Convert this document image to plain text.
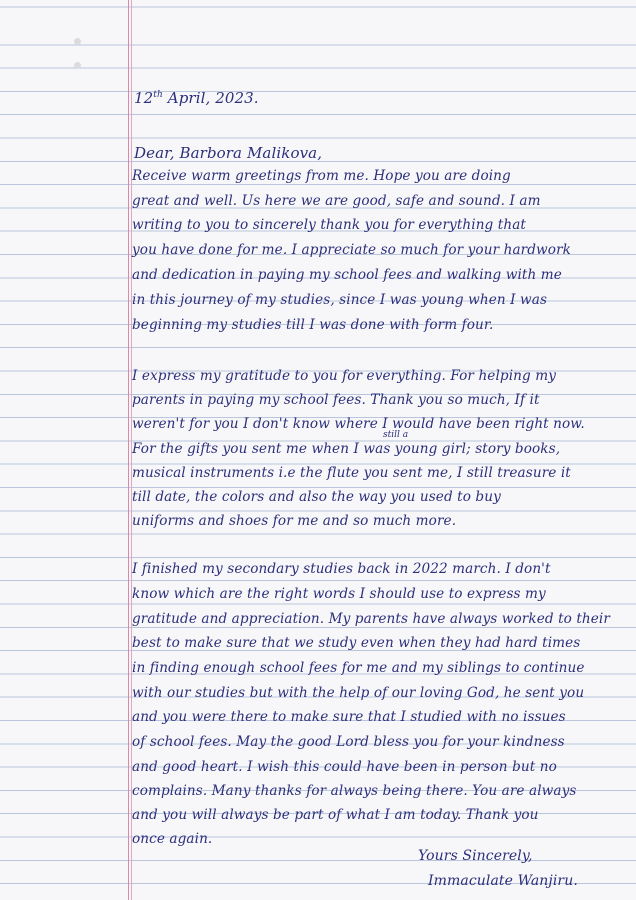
12th April, 2023.
Dear, Barbora Malikova,
Receive warm greetings from me. Hope you are doing
great and well. Us here we are good, safe and sound. I am
writing to you to sincerely thank you for everything that
you have done for me. I appreciate so much for your hardwork
and dedication in paying my school fees and walking with me
in this journey of my studies, since I was young when I was
beginning my studies till I was done with form four.
I express my gratitude to you for everything. For helping my
parents in paying my school fees. Thank you so much, If it
weren't for you I don't know where I would have been right now.
still a
For the gifts you sent me when I was young girl; story books,
musical instruments i.e the flute you sent me, I still treasure it
till date, the colors and also the way you used to buy
uniforms and shoes for me and so much more.
I finished my secondary studies back in 2022 march. I don't
know which are the right words I should use to express my
gratitude and appreciation. My parents have always worked to their
best to make sure that we study even when they had hard times
in finding enough school fees for me and my siblings to continue
with our studies but with the help of our loving God, he sent you
and you were there to make sure that I studied with no issues
of school fees. May the good Lord bless you for your kindness
and good heart. I wish this could have been in person but no
complains. Many thanks for always being there. You are always
and you will always be part of what I am today. Thank you
once again.
Yours Sincerely,
Immaculate Wanjiru.
